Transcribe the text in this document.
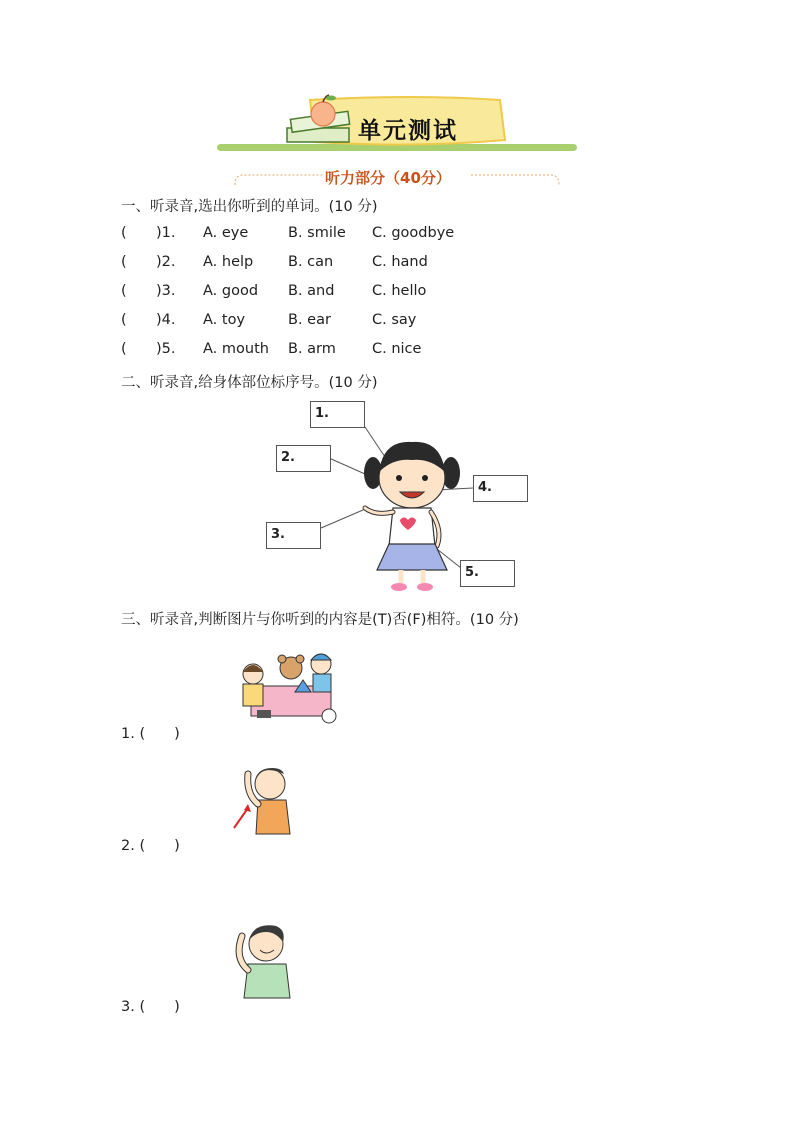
单元测试
听力部分（40分）
一、听录音,选出你听到的单词。(10 分)
( )1. A. eye	B. smile C. goodbye
( )2. A. help B. can	C. hand
( )3. A. good B. and	C. hello
( )4. A. toy	B. ear	C. say
( )5. A. mouth B. arm C. nice
二、听录音,给身体部位标序号。(10 分)
1.
2.
4.
3.
5.
三、听录音,判断图片与你听到的内容是(T)否(F)相符。(10 分)
1. (　　)
2. (　　)
3. (　　)
